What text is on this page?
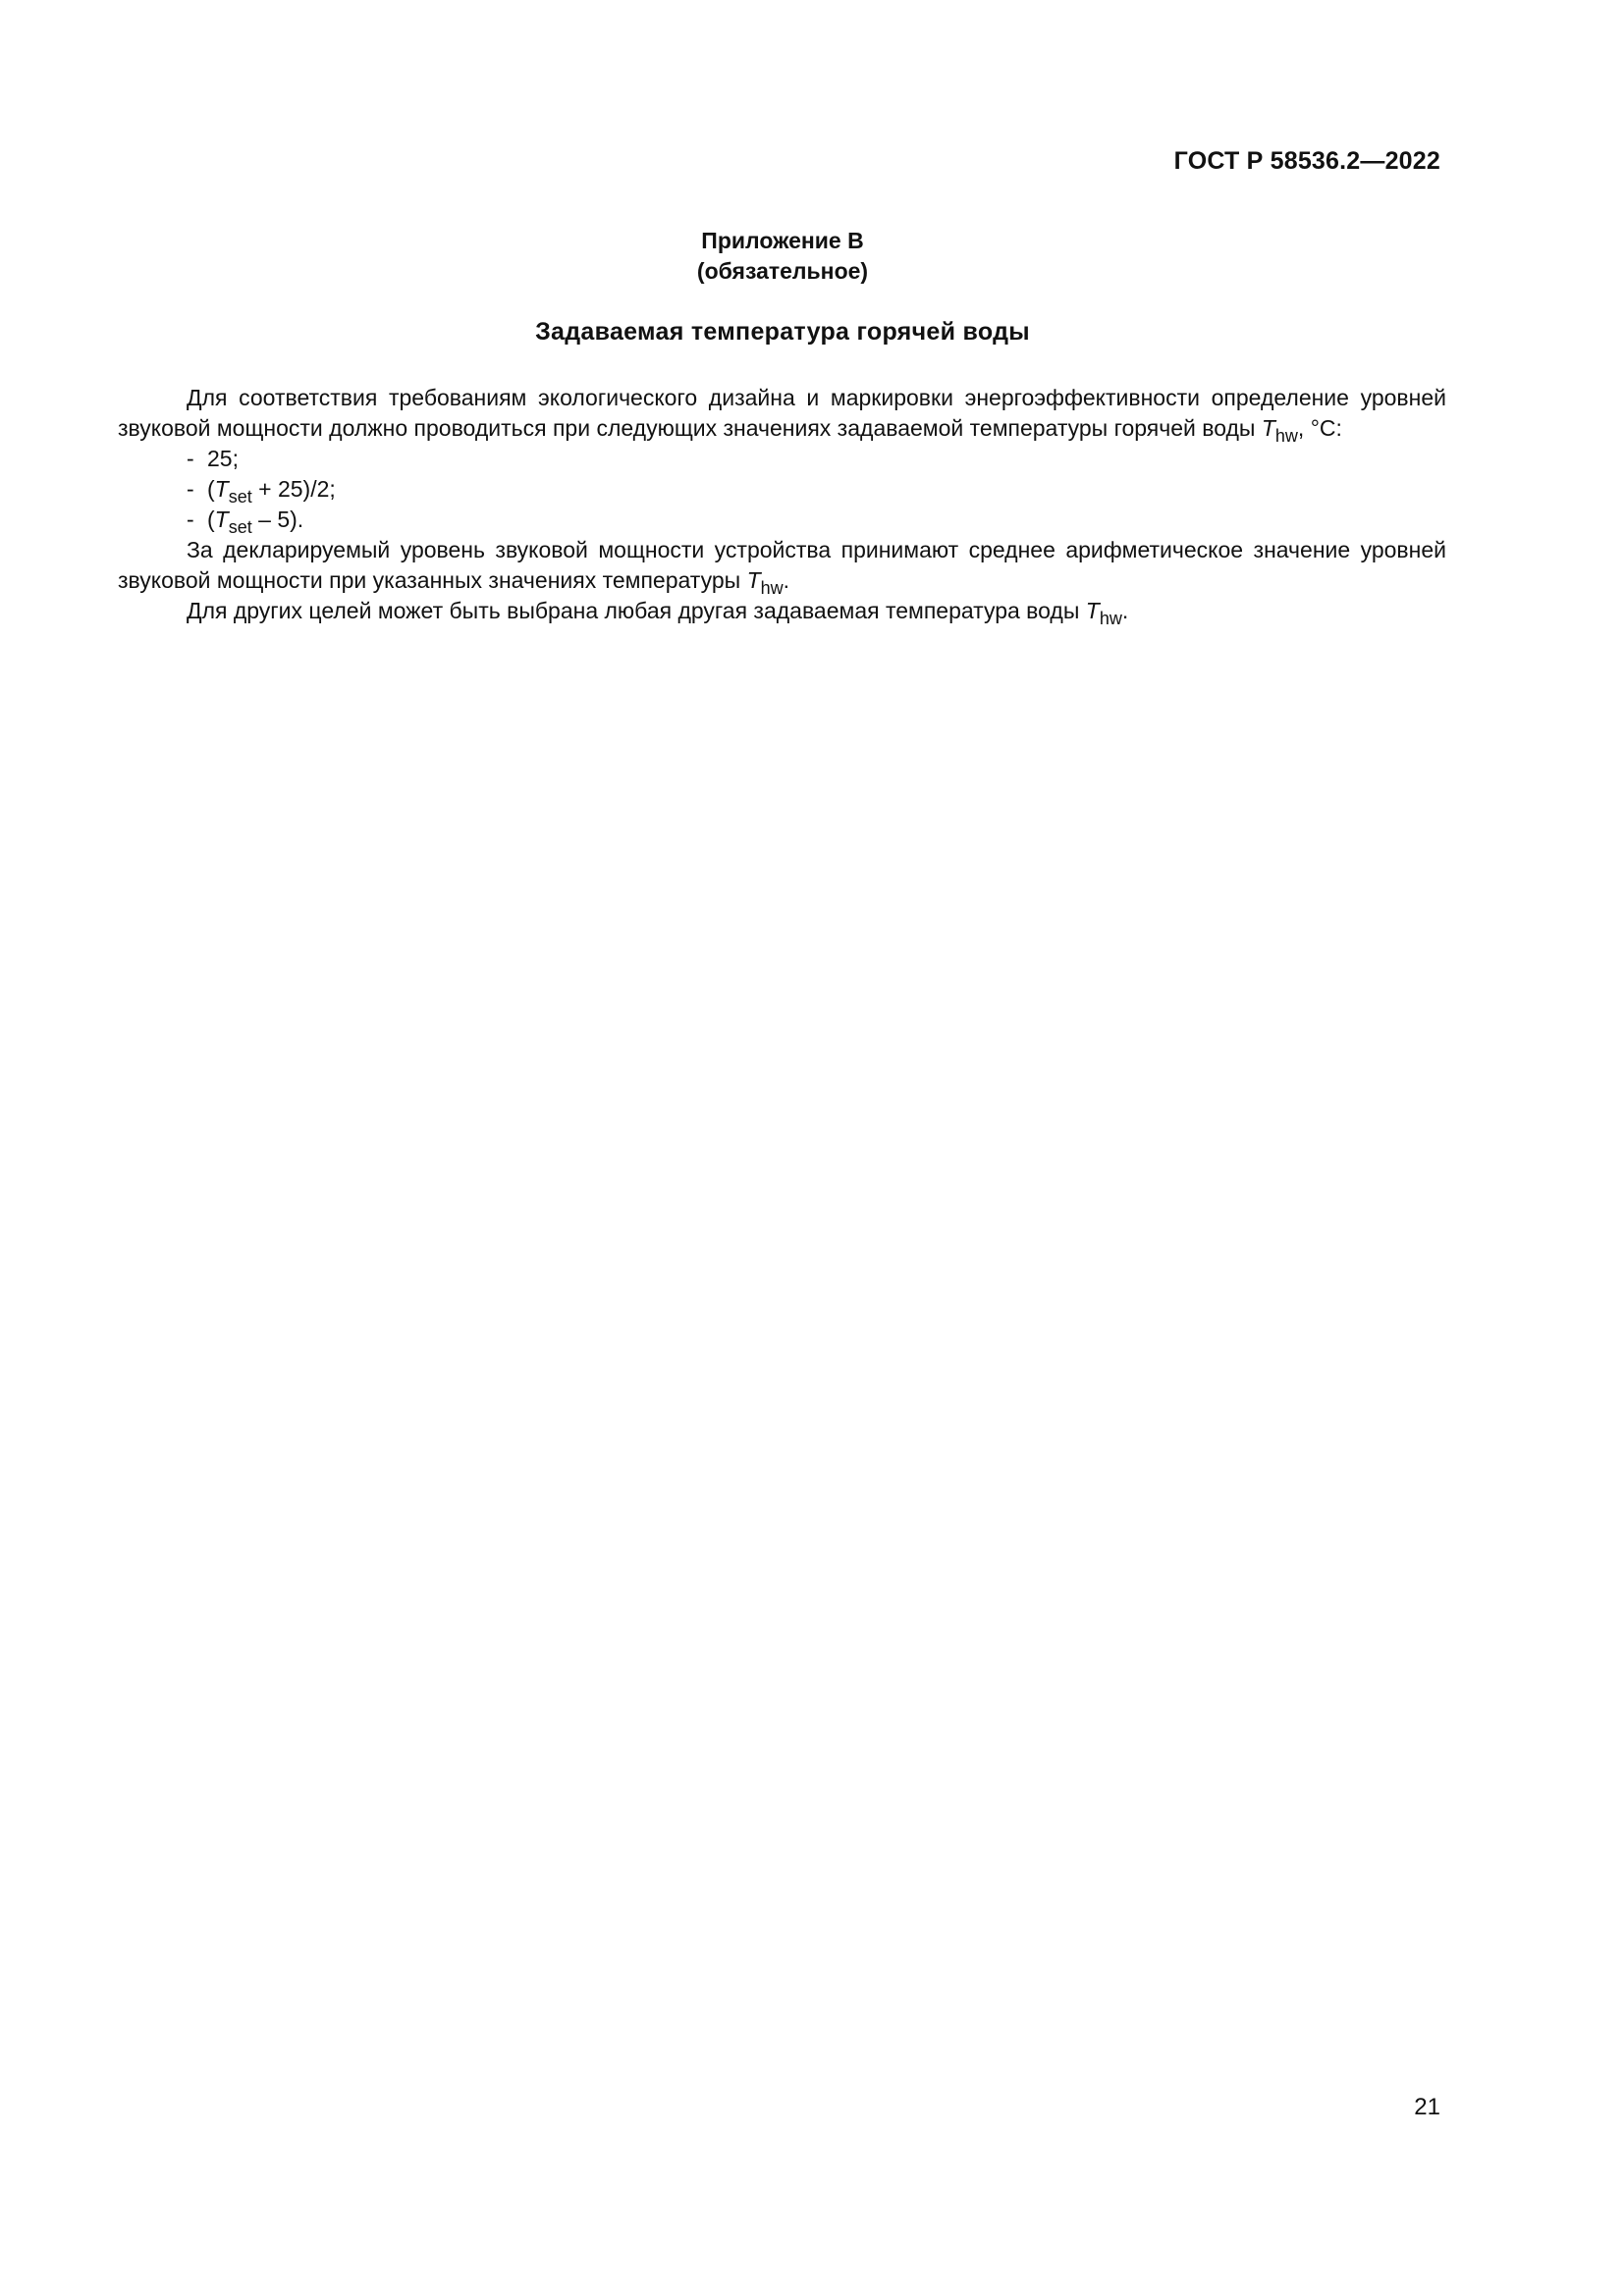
ГОСТ Р 58536.2—2022
Приложение В
(обязательное)
Задаваемая температура горячей воды

Для соответствия требованиям экологического дизайна и маркировки энергоэффективности определение уровней звуковой мощности должно проводиться при следующих значениях задаваемой температуры горячей воды $T_{hw}$, °С:

- 25;
- $(T_{set} + 25)/2$;
- $(T_{set} - 5)$.

За декларируемый уровень звуковой мощности устройства принимают среднее арифметическое значение уровней звуковой мощности при указанных значениях температуры $T_{hw}$.

Для других целей может быть выбрана любая другая задаваемая температура воды $T_{hw}$.

21
